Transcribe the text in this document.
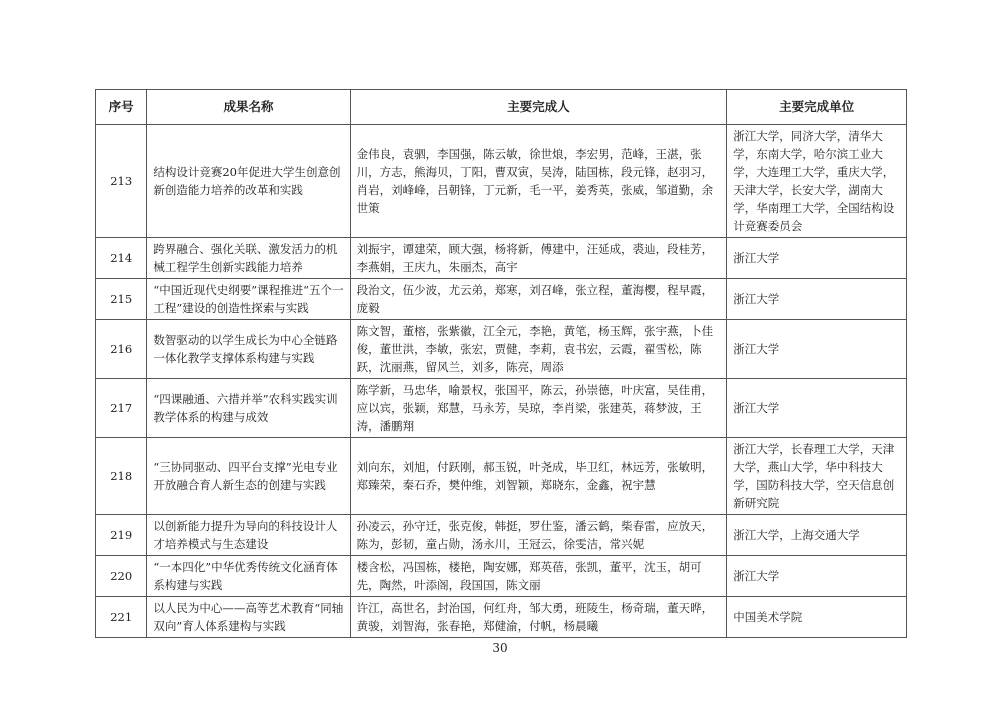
序号	成果名称	主要完成人	主要完成单位
213	结构设计竞赛20年促进大学生创意创新创造能力培养的改革和实践	金伟良，袁驷，李国强，陈云敏，徐世烺，李宏男，范峰，王湛，张川，方志，熊海贝，丁阳，曹双寅，吴涛，陆国栋，段元锋，赵羽习，肖岩，刘峰峰，吕朝锋，丁元新，毛一平，姜秀英，张威，邹道勤，余世策	浙江大学，同济大学，清华大学，东南大学，哈尔滨工业大学，大连理工大学，重庆大学，天津大学，长安大学，湖南大学，华南理工大学，全国结构设计竞赛委员会
214	跨界融合、强化关联、激发活力的机械工程学生创新实践能力培养	刘振宇，谭建荣，顾大强，杨将新，傅建中，汪延成，裘辿，段桂芳，李燕娟，王庆九，朱丽杰，高宇	浙江大学
215	“中国近现代史纲要”课程推进“五个一工程”建设的创造性探索与实践	段治文，伍少波，尤云弟，郑寒，刘召峰，张立程，董海樱，程早霞，庞毅	浙江大学
216	数智驱动的以学生成长为中心全链路一体化教学支撑体系构建与实践	陈文智，董榕，张紫徽，江全元，李艳，黄笔，杨玉辉，张宇燕，卜佳俊，董世洪，李敏，张宏，贾健，李莉，袁书宏，云霞，翟雪松，陈跃，沈丽燕，留风兰，刘多，陈亮，周添	浙江大学
217	“四课融通、六措并举”农科实践实训教学体系的构建与成效	陈学新，马忠华，喻景权，张国平，陈云，孙崇德，叶庆富，吴佳甫，应以宾，张颖，郑慧，马永芳，吴琼，李肖梁，张建英，蒋梦波，王涛，潘鹏翔	浙江大学
218	“三协同驱动、四平台支撑”光电专业开放融合育人新生态的创建与实践	刘向东，刘旭，付跃刚，郝玉锐，叶尧成，毕卫红，林远芳，张敏明，郑臻荣，秦石乔，樊仲维，刘智颖，郑晓东，金鑫，祝宇慧	浙江大学，长春理工大学，天津大学，燕山大学，华中科技大学，国防科技大学，空天信息创新研究院
219	以创新能力提升为导向的科技设计人才培养模式与生态建设	孙凌云，孙守迁，张克俊，韩挺，罗仕鉴，潘云鹤，柴春雷，应放天，陈为，彭韧，童占勋，汤永川，王冠云，徐雯洁，常兴妮	浙江大学，上海交通大学
220	“一本四化”中华优秀传统文化涵育体系构建与实践	楼含松，冯国栋，楼艳，陶安娜，郑英蓓，张凯，董平，沈玉，胡可先，陶然，叶添阁，段国国，陈文丽	浙江大学
221	以人民为中心——高等艺术教育“同轴双向”育人体系建构与实践	许江，高世名，封治国，何红舟，邹大勇，班陵生，杨奇瑞，董天晔，黄骏，刘智海，张春艳，郑健渝，付帆，杨晨曦	中国美术学院
30
